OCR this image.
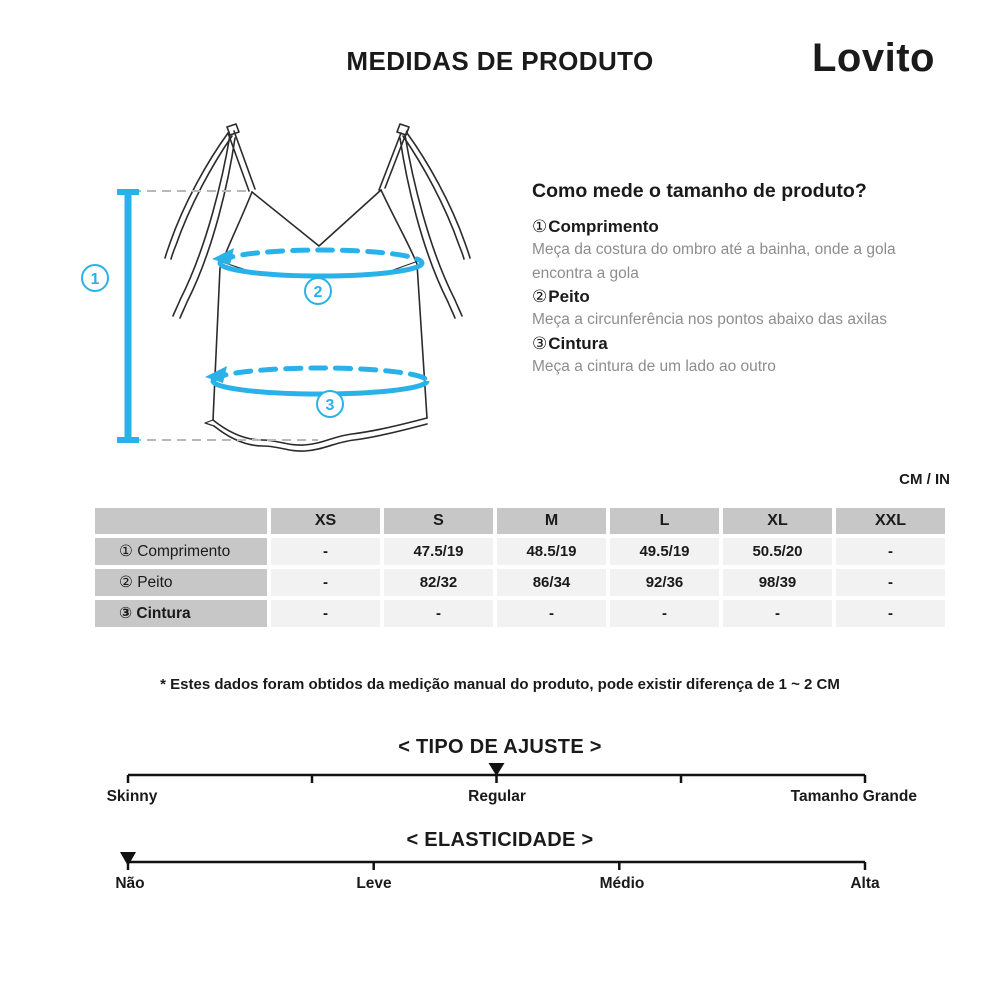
MEDIDAS DE PRODUTO	Lovito
1
2
3
Como mede o tamanho de produto?
①Comprimento
Meça da costura do ombro até a bainha, onde a gola encontra a gola
②Peito
Meça a circunferência nos pontos abaixo das axilas
③Cintura
Meça a cintura de um lado ao outro
CM / IN
	XS	S	M	L	XL	XXL
① Comprimento	-	47.5/19	48.5/19	49.5/19	50.5/20	-
② Peito	-	82/32	86/34	92/36	98/39	-
③ Cintura	-	-	-	-	-	-
* Estes dados foram obtidos da medição manual do produto, pode existir diferença de 1 ~ 2 CM
< TIPO DE AJUSTE >
Skinny	Regular	Tamanho Grande
< ELASTICIDADE >
Não	Leve	Médio	Alta
